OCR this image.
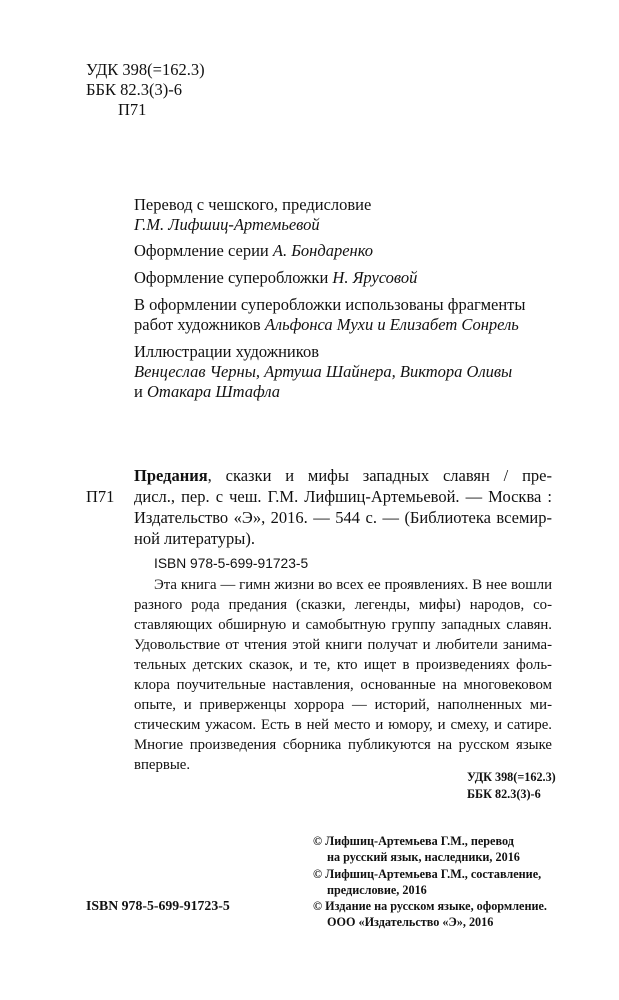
УДК 398(=162.3)
ББК 82.3(3)-6
П71
Перевод с чешского, предисловие
Г.М. Лифшиц-Артемьевой
Оформление серии А. Бондаренко
Оформление суперобложки Н. Ярусовой
В оформлении суперобложки использованы фрагменты
работ художников Альфонса Мухи и Елизабет Сонрель
Иллюстрации художников
Венцеслав Черны, Артуша Шайнера, Виктора Оливы
и Отакара Штафла
П71
Предания, сказки и мифы западных славян / пре-
дисл., пер. с чеш. Г.М. Лифшиц-Артемьевой. — Москва :
Издательство «Э», 2016. — 544 с. — (Библиотека всемир-
ной литературы).
ISBN 978-5-699-91723-5
Эта книга — гимн жизни во всех ее проявлениях. В нее вошли
разного рода предания (сказки, легенды, мифы) народов, со-
ставляющих обширную и самобытную группу западных славян.
Удовольствие от чтения этой книги получат и любители занима-
тельных детских сказок, и те, кто ищет в произведениях фоль-
клора поучительные наставления, основанные на многовековом
опыте, и приверженцы хоррора — историй, наполненных ми-
стическим ужасом. Есть в ней место и юмору, и смеху, и сатире.
Многие произведения сборника публикуются на русском языке
впервые.
УДК 398(=162.3)
ББК 82.3(3)-6
© Лифшиц-Артемьева Г.М., перевод
на русский язык, наследники, 2016
© Лифшиц-Артемьева Г.М., составление,
предисловие, 2016
© Издание на русском языке, оформление.
ООО «Издательство «Э», 2016
ISBN 978-5-699-91723-5
